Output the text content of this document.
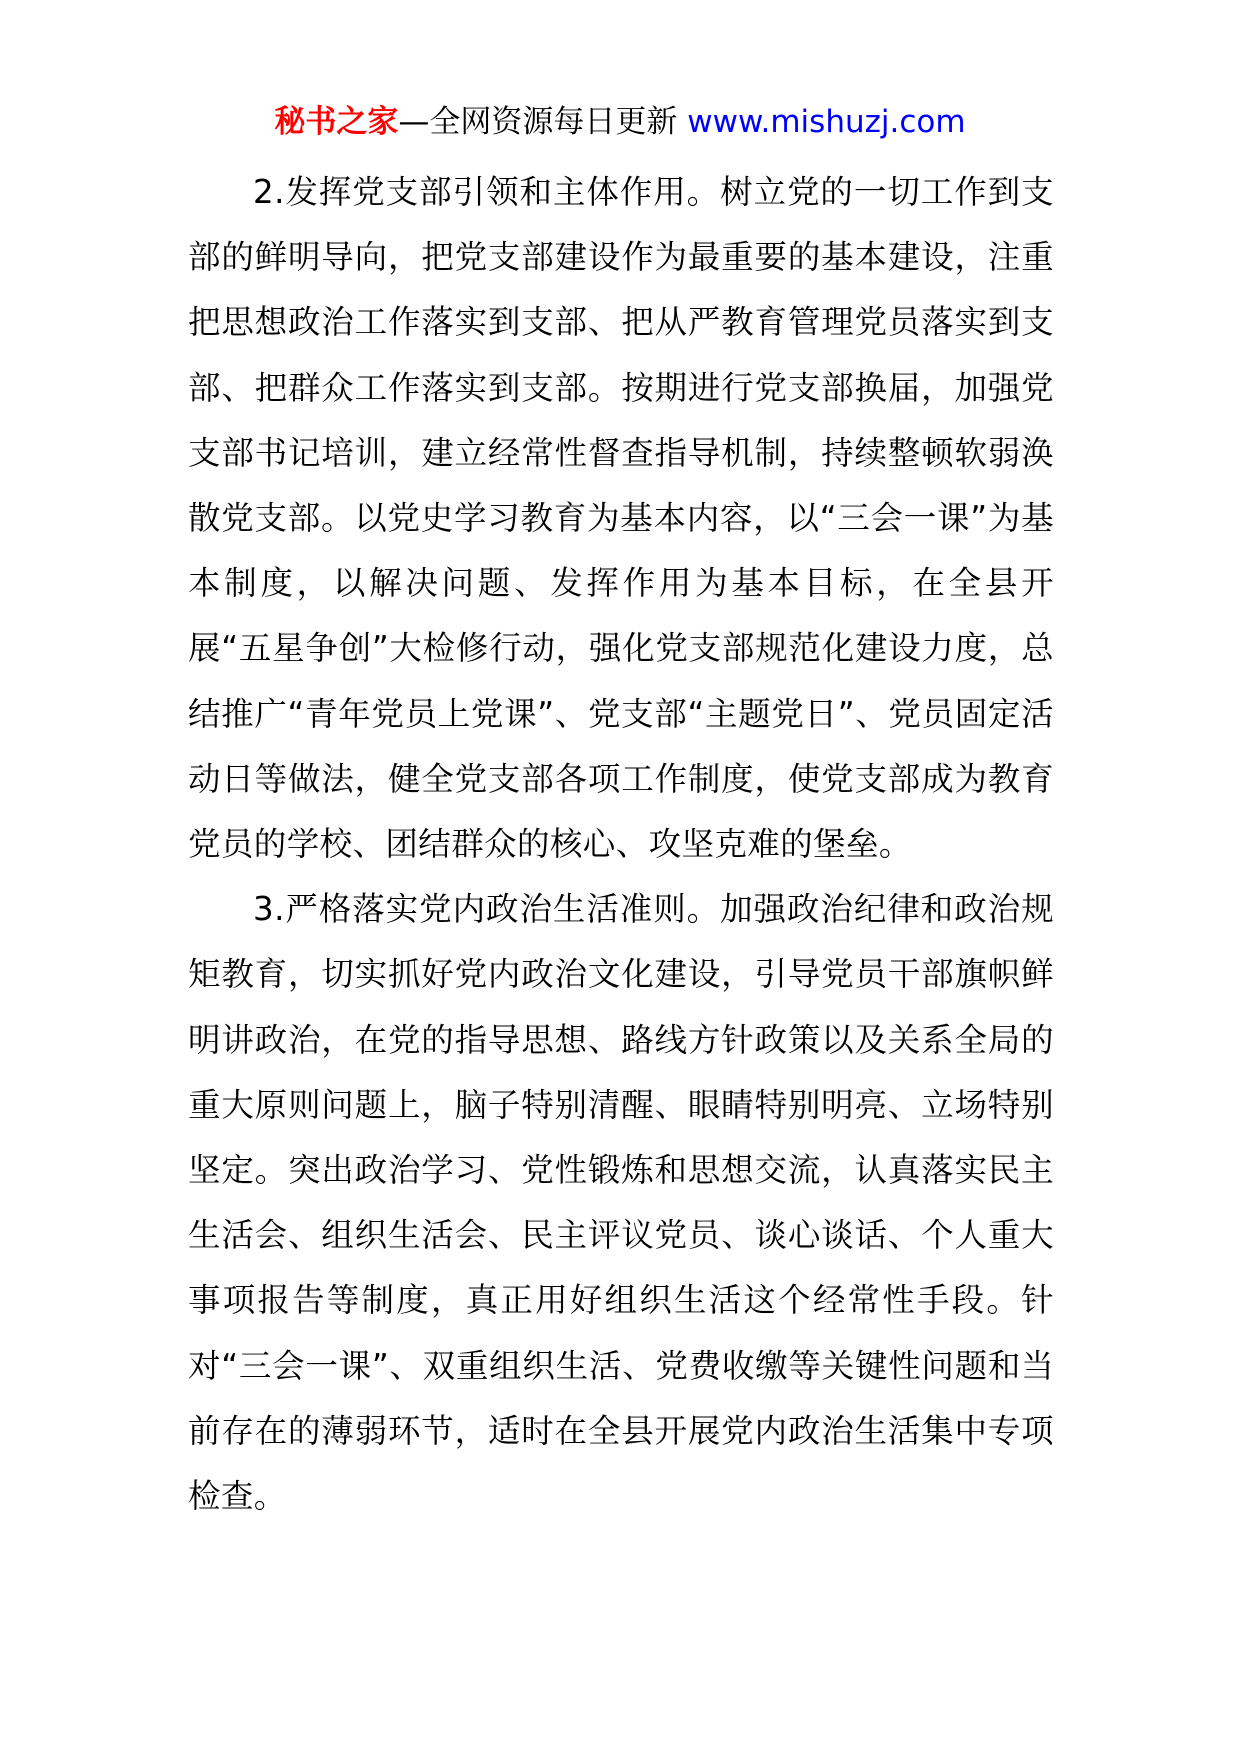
秘书之家—全网资源每日更新 www.mishuzj.com

2.发挥党支部引领和主体作用。树立党的一切工作到支部的鲜明导向，把党支部建设作为最重要的基本建设，注重把思想政治工作落实到支部、把从严教育管理党员落实到支部、把群众工作落实到支部。按期进行党支部换届，加强党支部书记培训，建立经常性督查指导机制，持续整顿软弱涣散党支部。以党史学习教育为基本内容，以“三会一课”为基本制度，以解决问题、发挥作用为基本目标，在全县开展“五星争创”大检修行动，强化党支部规范化建设力度，总结推广“青年党员上党课”、党支部“主题党日”、党员固定活动日等做法，健全党支部各项工作制度，使党支部成为教育党员的学校、团结群众的核心、攻坚克难的堡垒。

3.严格落实党内政治生活准则。加强政治纪律和政治规矩教育，切实抓好党内政治文化建设，引导党员干部旗帜鲜明讲政治，在党的指导思想、路线方针政策以及关系全局的重大原则问题上，脑子特别清醒、眼睛特别明亮、立场特别坚定。突出政治学习、党性锻炼和思想交流，认真落实民主生活会、组织生活会、民主评议党员、谈心谈话、个人重大事项报告等制度，真正用好组织生活这个经常性手段。针对“三会一课”、双重组织生活、党费收缴等关键性问题和当前存在的薄弱环节，适时在全县开展党内政治生活集中专项检查。
